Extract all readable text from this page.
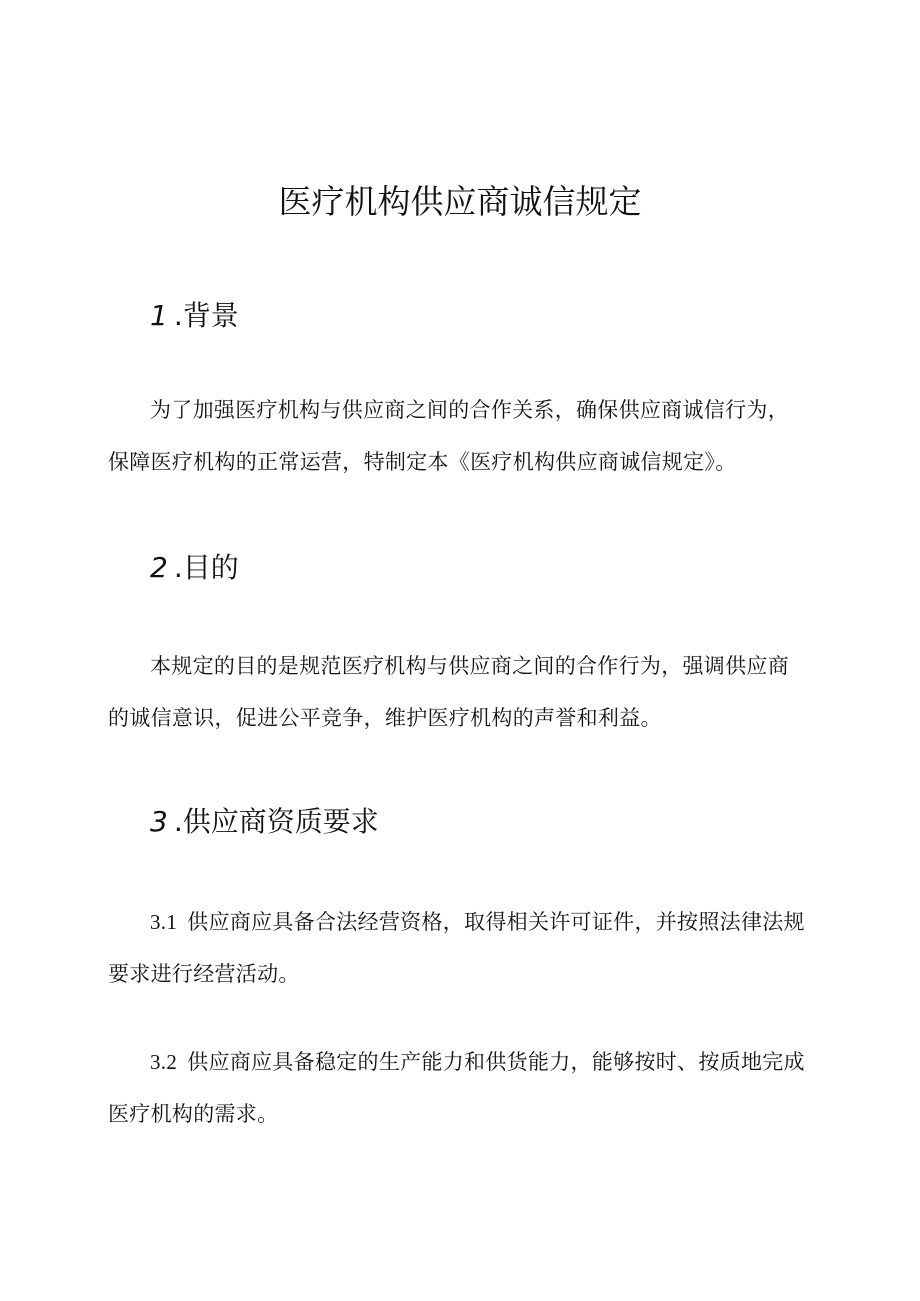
医疗机构供应商诚信规定
1 .背景

为了加强医疗机构与供应商之间的合作关系，确保供应商诚信行为，保障医疗机构的正常运营，特制定本《医疗机构供应商诚信规定》。

2 .目的

本规定的目的是规范医疗机构与供应商之间的合作行为，强调供应商的诚信意识，促进公平竞争，维护医疗机构的声誉和利益。

3 .供应商资质要求

3.1 供应商应具备合法经营资格，取得相关许可证件，并按照法律法规要求进行经营活动。

3.2 供应商应具备稳定的生产能力和供货能力，能够按时、按质地完成医疗机构的需求。
